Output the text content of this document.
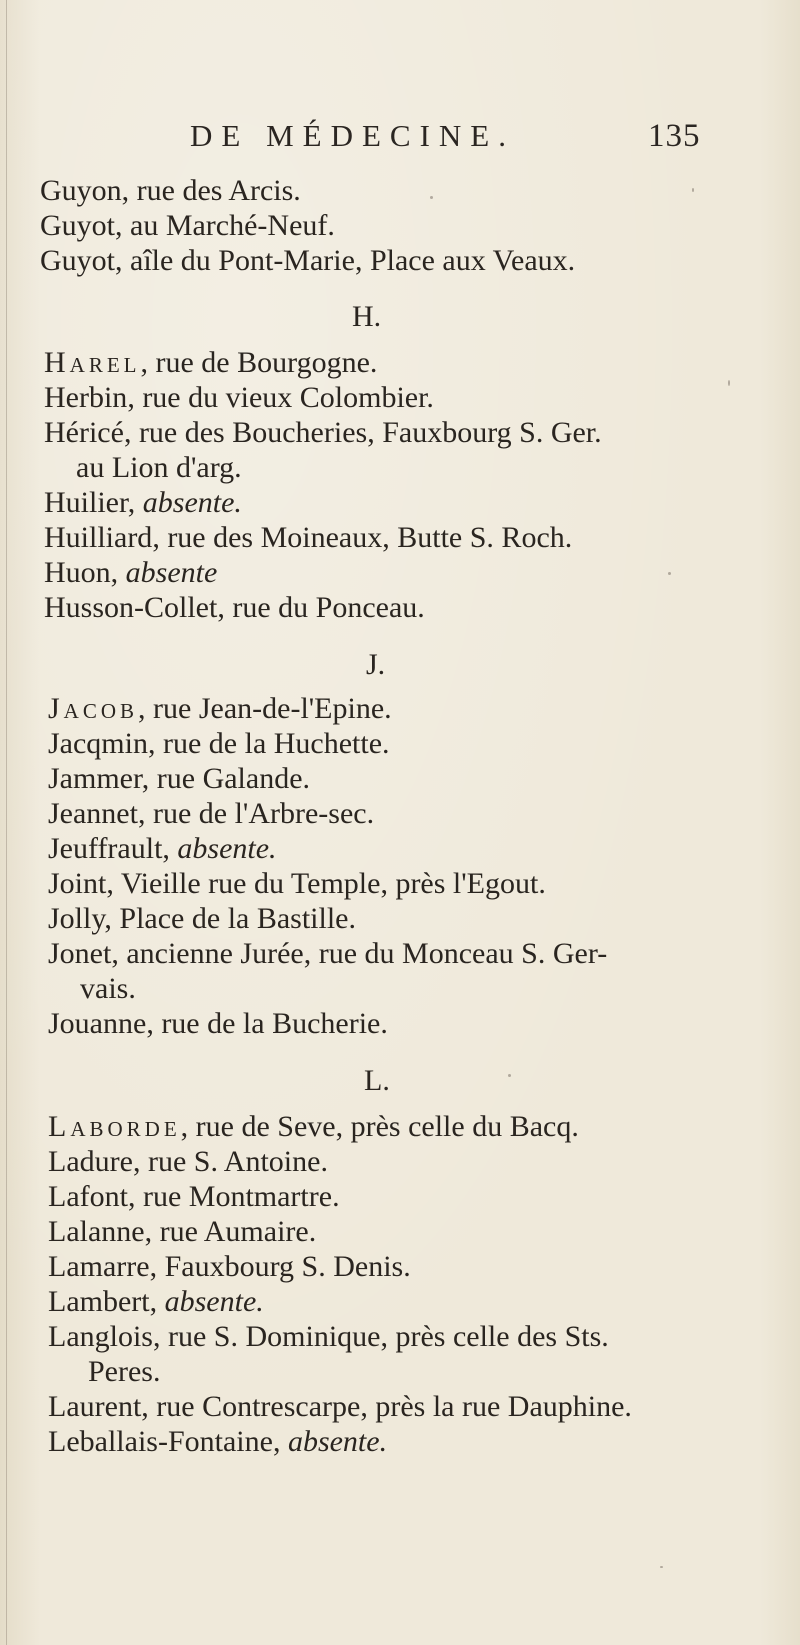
DE MÉDECINE.	135
Guyon, rue des Arcis.
Guyot, au Marché-Neuf.
Guyot, aîle du Pont-Marie, Place aux Veaux.
H.
Harel, rue de Bourgogne.
Herbin, rue du vieux Colombier.
Héricé, rue des Boucheries, Fauxbourg S. Ger.
au Lion d'arg.
Huilier, absente.
Huilliard, rue des Moineaux, Butte S. Roch.
Huon, absente
Husson-Collet, rue du Ponceau.
J.
Jacob, rue Jean-de-l'Epine.
Jacqmin, rue de la Huchette.
Jammer, rue Galande.
Jeannet, rue de l'Arbre-sec.
Jeuffrault, absente.
Joint, Vieille rue du Temple, près l'Egout.
Jolly, Place de la Bastille.
Jonet, ancienne Jurée, rue du Monceau S. Ger-
vais.
Jouanne, rue de la Bucherie.
L.
Laborde, rue de Seve, près celle du Bacq.
Ladure, rue S. Antoine.
Lafont, rue Montmartre.
Lalanne, rue Aumaire.
Lamarre, Fauxbourg S. Denis.
Lambert, absente.
Langlois, rue S. Dominique, près celle des Sts.
Peres.
Laurent, rue Contrescarpe, près la rue Dauphine.
Leballais-Fontaine, absente.
